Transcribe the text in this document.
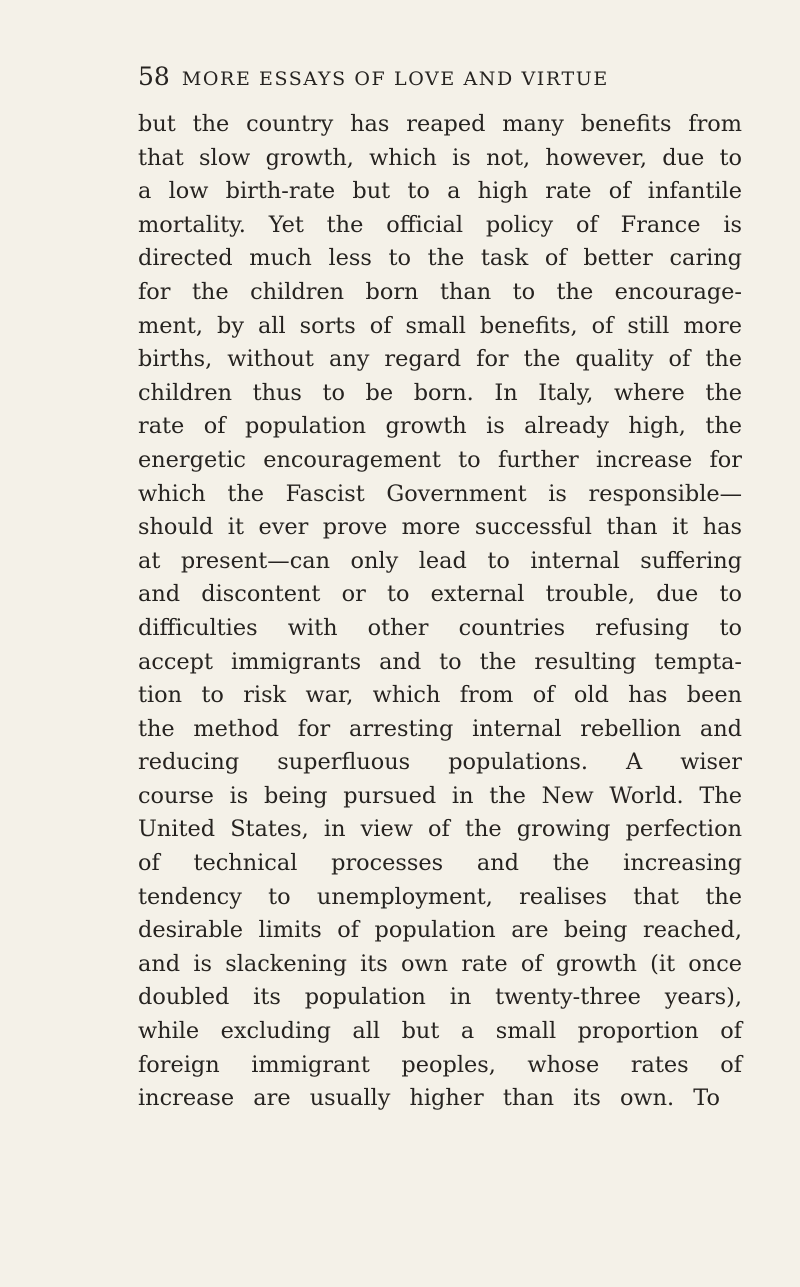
58 MORE ESSAYS OF LOVE AND VIRTUE
but the country has reaped many benefits from
that slow growth, which is not, however, due to
a low birth-rate but to a high rate of infantile
mortality. Yet the official policy of France is
directed much less to the task of better caring
for the children born than to the encourage-
ment, by all sorts of small benefits, of still more
births, without any regard for the quality of the
children thus to be born. In Italy, where the
rate of population growth is already high, the
energetic encouragement to further increase for
which the Fascist Government is responsible—
should it ever prove more successful than it has
at present—can only lead to internal suffering
and discontent or to external trouble, due to
difficulties with other countries refusing to
accept immigrants and to the resulting tempta-
tion to risk war, which from of old has been
the method for arresting internal rebellion and
reducing superfluous populations. A wiser
course is being pursued in the New World. The
United States, in view of the growing perfection
of technical processes and the increasing
tendency to unemployment, realises that the
desirable limits of population are being reached,
and is slackening its own rate of growth (it once
doubled its population in twenty-three years),
while excluding all but a small proportion of
foreign immigrant peoples, whose rates of
increase are usually higher than its own. To
